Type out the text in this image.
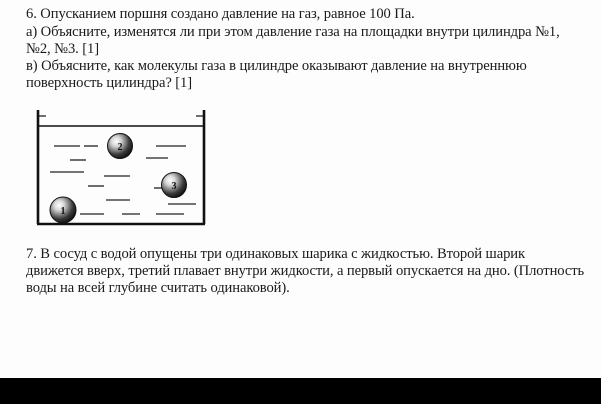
6. Опусканием поршня создано давление на газ, равное 100 Па.
а) Объясните, изменятся ли при этом давление газа на площадки внутри цилиндра №1,
№2, №3. [1]
в) Объясните, как молекулы газа в цилиндре оказывают давление на внутреннюю
поверхность цилиндра? [1]
2
3
1
7. В сосуд с водой опущены три одинаковых шарика с жидкостью. Второй шарик
движется вверх, третий плавает внутри жидкости, а первый опускается на дно. (Плотность
воды на всей глубине считать одинаковой).
